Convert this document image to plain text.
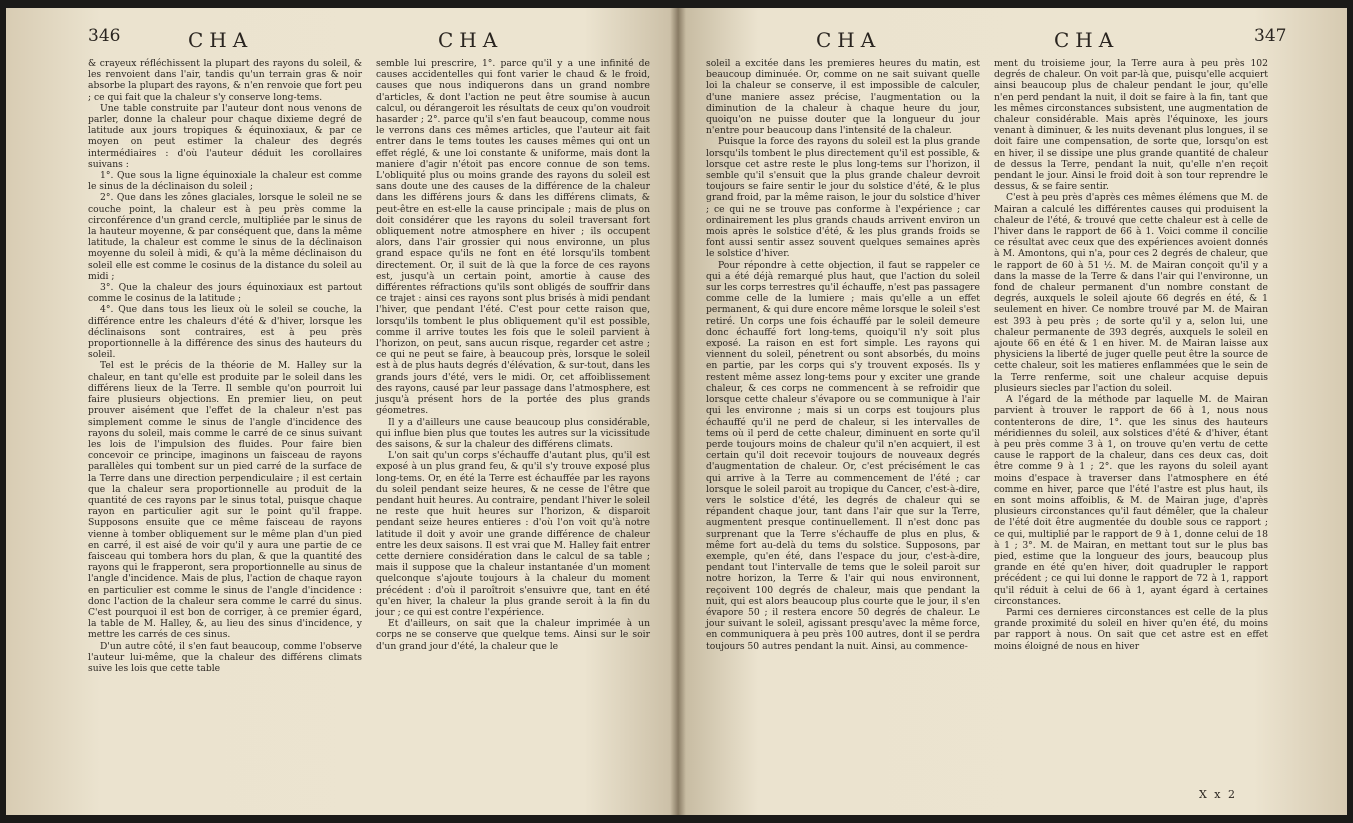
346	CHA	CHA

& crayeux réfléchissent la plupart des rayons du soleil, & les renvoient dans l'air, tandis qu'un terrain gras & noir absorbe la plupart des rayons, & n'en renvoie que fort peu ; ce qui fait que la chaleur s'y conserve long-tems.

Une table construite par l'auteur dont nous venons de parler, donne la chaleur pour chaque dixieme degré de latitude aux jours tropiques & équinoxiaux, & par ce moyen on peut estimer la chaleur des degrés intermédiaires : d'où l'auteur déduit les corollaires suivans :

1°. Que sous la ligne équinoxiale la chaleur est comme le sinus de la déclinaison du soleil ;

2°. Que dans les zônes glaciales, lorsque le soleil ne se couche point, la chaleur est à peu près comme la circonférence d'un grand cercle, multipliée par le sinus de la hauteur moyenne, & par conséquent que, dans la même latitude, la chaleur est comme le sinus de la déclinaison moyenne du soleil à midi, & qu'à la même déclinaison du soleil elle est comme le cosinus de la distance du soleil au midi ;

3°. Que la chaleur des jours équinoxiaux est partout comme le cosinus de la latitude ;

4°. Que dans tous les lieux où le soleil se couche, la différence entre les chaleurs d'été & d'hiver, lorsque les déclinaisons sont contraires, est à peu près proportionnelle à la différence des sinus des hauteurs du soleil.

Tel est le précis de la théorie de M. Halley sur la chaleur, en tant qu'elle est produite par le soleil dans les différens lieux de la Terre. Il semble qu'on pourroit lui faire plusieurs objections. En premier lieu, on peut prouver aisément que l'effet de la chaleur n'est pas simplement comme le sinus de l'angle d'incidence des rayons du soleil, mais comme le carré de ce sinus suivant les lois de l'impulsion des fluides. Pour faire bien concevoir ce principe, imaginons un faisceau de rayons parallèles qui tombent sur un pied carré de la surface de la Terre dans une direction perpendiculaire ; il est certain que la chaleur sera proportionnelle au produit de la quantité de ces rayons par le sinus total, puisque chaque rayon en particulier agit sur le point qu'il frappe. Supposons ensuite que ce même faisceau de rayons vienne à tomber obliquement sur le même plan d'un pied en carré, il est aisé de voir qu'il y aura une partie de ce faisceau qui tombera hors du plan, & que la quantité des rayons qui le frapperont, sera proportionnelle au sinus de l'angle d'incidence. Mais de plus, l'action de chaque rayon en particulier est comme le sinus de l'angle d'incidence : donc l'action de la chaleur sera comme le carré du sinus. C'est pourquoi il est bon de corriger, à ce premier égard, la table de M. Halley, &, au lieu des sinus d'incidence, y mettre les carrés de ces sinus.

D'un autre côté, il s'en faut beaucoup, comme l'observe l'auteur lui-même, que la chaleur des différens climats suive les lois que cette table

semble lui prescrire, 1°. parce qu'il y a une infinité de causes accidentelles qui font varier le chaud & le froid, causes que nous indiquerons dans un grand nombre d'articles, & dont l'action ne peut être soumise à aucun calcul, ou dérangeroit les résultats de ceux qu'on voudroit hasarder ; 2°. parce qu'il s'en faut beaucoup, comme nous le verrons dans ces mêmes articles, que l'auteur ait fait entrer dans le tems toutes les causes mêmes qui ont un effet réglé, & une loi constante & uniforme, mais dont la maniere d'agir n'étoit pas encore connue de son tems. L'obliquité plus ou moins grande des rayons du soleil est sans doute une des causes de la différence de la chaleur dans les différens jours & dans les différens climats, & peut-être en est-elle la cause principale ; mais de plus on doit considérer que les rayons du soleil traversant fort obliquement notre atmosphere en hiver ; ils occupent alors, dans l'air grossier qui nous environne, un plus grand espace qu'ils ne font en été lorsqu'ils tombent directement. Or, il suit de là que la force de ces rayons est, jusqu'à un certain point, amortie à cause des différentes réfractions qu'ils sont obligés de souffrir dans ce trajet : ainsi ces rayons sont plus brisés à midi pendant l'hiver, que pendant l'été. C'est pour cette raison que, lorsqu'ils tombent le plus obliquement qu'il est possible, comme il arrive toutes les fois que le soleil parvient à l'horizon, on peut, sans aucun risque, regarder cet astre ; ce qui ne peut se faire, à beaucoup près, lorsque le soleil est à de plus hauts degrés d'élévation, & sur-tout, dans les grands jours d'été, vers le midi. Or, cet affoiblissement des rayons, causé par leur passage dans l'atmosphere, est jusqu'à présent hors de la portée des plus grands géometres.

Il y a d'ailleurs une cause beaucoup plus considérable, qui influe bien plus que toutes les autres sur la vicissitude des saisons, & sur la chaleur des différens climats.

L'on sait qu'un corps s'échauffe d'autant plus, qu'il est exposé à un plus grand feu, & qu'il s'y trouve exposé plus long-tems. Or, en été la Terre est échauffée par les rayons du soleil pendant seize heures, & ne cesse de l'être que pendant huit heures. Au contraire, pendant l'hiver le soleil ne reste que huit heures sur l'horizon, & disparoit pendant seize heures entieres : d'où l'on voit qu'à notre latitude il doit y avoir une grande différence de chaleur entre les deux saisons. Il est vrai que M. Halley fait entrer cette derniere considération dans le calcul de sa table ; mais il suppose que la chaleur instantanée d'un moment quelconque s'ajoute toujours à la chaleur du moment précédent : d'où il paroîtroit s'ensuivre que, tant en été qu'en hiver, la chaleur la plus grande seroit à la fin du jour ; ce qui est contre l'expérience.

Et d'ailleurs, on sait que la chaleur imprimée à un corps ne se conserve que quelque tems. Ainsi sur le soir d'un grand jour d'été, la chaleur que le

CHA	CHA	347

soleil a excitée dans les premieres heures du matin, est beaucoup diminuée. Or, comme on ne sait suivant quelle loi la chaleur se conserve, il est impossible de calculer, d'une maniere assez précise, l'augmentation ou la diminution de la chaleur à chaque heure du jour, quoiqu'on ne puisse douter que la longueur du jour n'entre pour beaucoup dans l'intensité de la chaleur.

Puisque la force des rayons du soleil est la plus grande lorsqu'ils tombent le plus directement qu'il est possible, & lorsque cet astre reste le plus long-tems sur l'horizon, il semble qu'il s'ensuit que la plus grande chaleur devroit toujours se faire sentir le jour du solstice d'été, & le plus grand froid, par la même raison, le jour du solstice d'hiver ; ce qui ne se trouve pas conforme à l'expérience ; car ordinairement les plus grands chauds arrivent environ un mois après le solstice d'été, & les plus grands froids se font aussi sentir assez souvent quelques semaines après le solstice d'hiver.

Pour répondre à cette objection, il faut se rappeler ce qui a été déjà remarqué plus haut, que l'action du soleil sur les corps terrestres qu'il échauffe, n'est pas passagere comme celle de la lumiere ; mais qu'elle a un effet permanent, & qui dure encore même lorsque le soleil s'est retiré. Un corps une fois échauffé par le soleil demeure donc échauffé fort long-tems, quoiqu'il n'y soit plus exposé. La raison en est fort simple. Les rayons qui viennent du soleil, pénetrent ou sont absorbés, du moins en partie, par les corps qui s'y trouvent exposés. Ils y restent même assez long-tems pour y exciter une grande chaleur, & ces corps ne commencent à se refroidir que lorsque cette chaleur s'évapore ou se communique à l'air qui les environne ; mais si un corps est toujours plus échauffé qu'il ne perd de chaleur, si les intervalles de tems où il perd de cette chaleur, diminuent en sorte qu'il perde toujours moins de chaleur qu'il n'en acquiert, il est certain qu'il doit recevoir toujours de nouveaux degrés d'augmentation de chaleur. Or, c'est précisément le cas qui arrive à la Terre au commencement de l'été ; car lorsque le soleil paroit au tropique du Cancer, c'est-à-dire, vers le solstice d'été, les degrés de chaleur qui se répandent chaque jour, tant dans l'air que sur la Terre, augmentent presque continuellement. Il n'est donc pas surprenant que la Terre s'échauffe de plus en plus, & même fort au-delà du tems du solstice. Supposons, par exemple, qu'en été, dans l'espace du jour, c'est-à-dire, pendant tout l'intervalle de tems que le soleil paroit sur notre horizon, la Terre & l'air qui nous environnent, reçoivent 100 degrés de chaleur, mais que pendant la nuit, qui est alors beaucoup plus courte que le jour, il s'en évapore 50 ; il restera encore 50 degrés de chaleur. Le jour suivant le soleil, agissant presqu'avec la même force, en communiquera à peu près 100 autres, dont il se perdra toujours 50 autres pendant la nuit. Ainsi, au commence-

ment du troisieme jour, la Terre aura à peu près 102 degrés de chaleur. On voit par-là que, puisqu'elle acquiert ainsi beaucoup plus de chaleur pendant le jour, qu'elle n'en perd pendant la nuit, il doit se faire à la fin, tant que les mêmes circonstances subsistent, une augmentation de chaleur considérable. Mais après l'équinoxe, les jours venant à diminuer, & les nuits devenant plus longues, il se doit faire une compensation, de sorte que, lorsqu'on est en hiver, il se dissipe une plus grande quantité de chaleur de dessus la Terre, pendant la nuit, qu'elle n'en reçoit pendant le jour. Ainsi le froid doit à son tour reprendre le dessus, & se faire sentir.

C'est à peu près d'après ces mêmes élémens que M. de Mairan a calculé les différentes causes qui produisent la chaleur de l'été, & trouvé que cette chaleur est à celle de l'hiver dans le rapport de 66 à 1. Voici comme il concilie ce résultat avec ceux que des expériences avoient donnés à M. Amontons, qui n'a, pour ces 2 degrés de chaleur, que le rapport de 60 à 51 ½. M. de Mairan conçoit qu'il y a dans la masse de la Terre & dans l'air qui l'environne, un fond de chaleur permanent d'un nombre constant de degrés, auxquels le soleil ajoute 66 degrés en été, & 1 seulement en hiver. Ce nombre trouvé par M. de Mairan est 393 à peu près ; de sorte qu'il y a, selon lui, une chaleur permanente de 393 degrés, auxquels le soleil en ajoute 66 en été & 1 en hiver. M. de Mairan laisse aux physiciens la liberté de juger quelle peut être la source de cette chaleur, soit les matieres enflammées que le sein de la Terre renferme, soit une chaleur acquise depuis plusieurs siecles par l'action du soleil.

A l'égard de la méthode par laquelle M. de Mairan parvient à trouver le rapport de 66 à 1, nous nous contenterons de dire, 1°. que les sinus des hauteurs méridiennes du soleil, aux solstices d'été & d'hiver, étant à peu près comme 3 à 1, on trouve qu'en vertu de cette cause le rapport de la chaleur, dans ces deux cas, doit être comme 9 à 1 ; 2°. que les rayons du soleil ayant moins d'espace à traverser dans l'atmosphere en été comme en hiver, parce que l'été l'astre est plus haut, ils en sont moins affoiblis, & M. de Mairan juge, d'après plusieurs circonstances qu'il faut démêler, que la chaleur de l'été doit être augmentée du double sous ce rapport ; ce qui, multiplié par le rapport de 9 à 1, donne celui de 18 à 1 ; 3°. M. de Mairan, en mettant tout sur le plus bas pied, estime que la longueur des jours, beaucoup plus grande en été qu'en hiver, doit quadrupler le rapport précédent ; ce qui lui donne le rapport de 72 à 1, rapport qu'il réduit à celui de 66 à 1, ayant égard à certaines circonstances.

Parmi ces dernieres circonstances est celle de la plus grande proximité du soleil en hiver qu'en été, du moins par rapport à nous. On sait que cet astre est en effet moins éloigné de nous en hiver

X x 2
